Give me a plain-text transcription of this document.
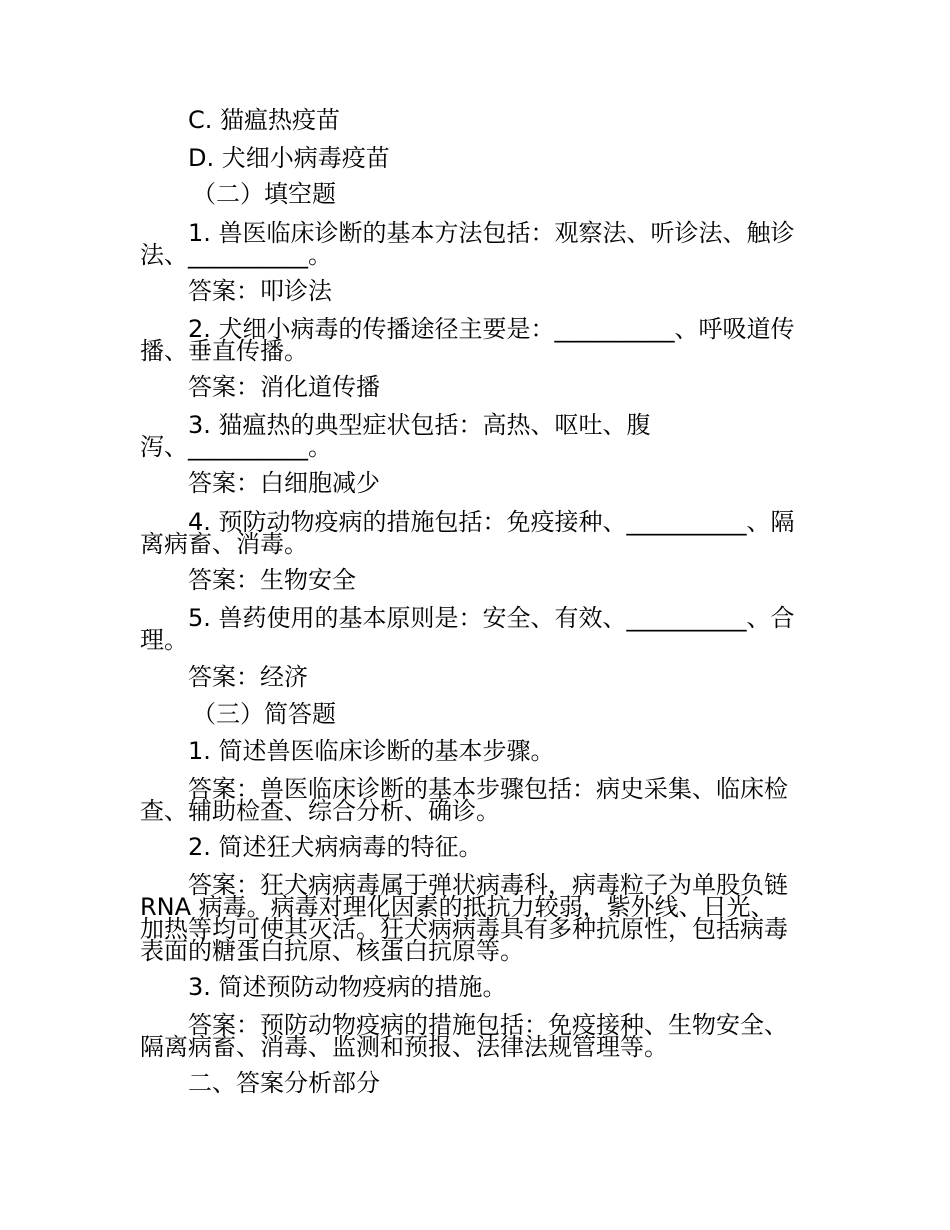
C. 猫瘟热疫苗
D. 犬细小病毒疫苗
（二）填空题
1. 兽医临床诊断的基本方法包括：观察法、听诊法、触诊
法、__________。
答案：叩诊法
2. 犬细小病毒的传播途径主要是：__________、呼吸道传
播、垂直传播。
答案：消化道传播
3. 猫瘟热的典型症状包括：高热、呕吐、腹
泻、__________。
答案：白细胞减少
4. 预防动物疫病的措施包括：免疫接种、__________、隔
离病畜、消毒。
答案：生物安全
5. 兽药使用的基本原则是：安全、有效、__________、合
理。
答案：经济
（三）简答题
1. 简述兽医临床诊断的基本步骤。
答案：兽医临床诊断的基本步骤包括：病史采集、临床检
查、辅助检查、综合分析、确诊。
2. 简述狂犬病病毒的特征。
答案：狂犬病病毒属于弹状病毒科，病毒粒子为单股负链
RNA 病毒。病毒对理化因素的抵抗力较弱，紫外线、日光、
加热等均可使其灭活。狂犬病病毒具有多种抗原性，包括病毒
表面的糖蛋白抗原、核蛋白抗原等。
3. 简述预防动物疫病的措施。
答案：预防动物疫病的措施包括：免疫接种、生物安全、
隔离病畜、消毒、监测和预报、法律法规管理等。
二、答案分析部分
